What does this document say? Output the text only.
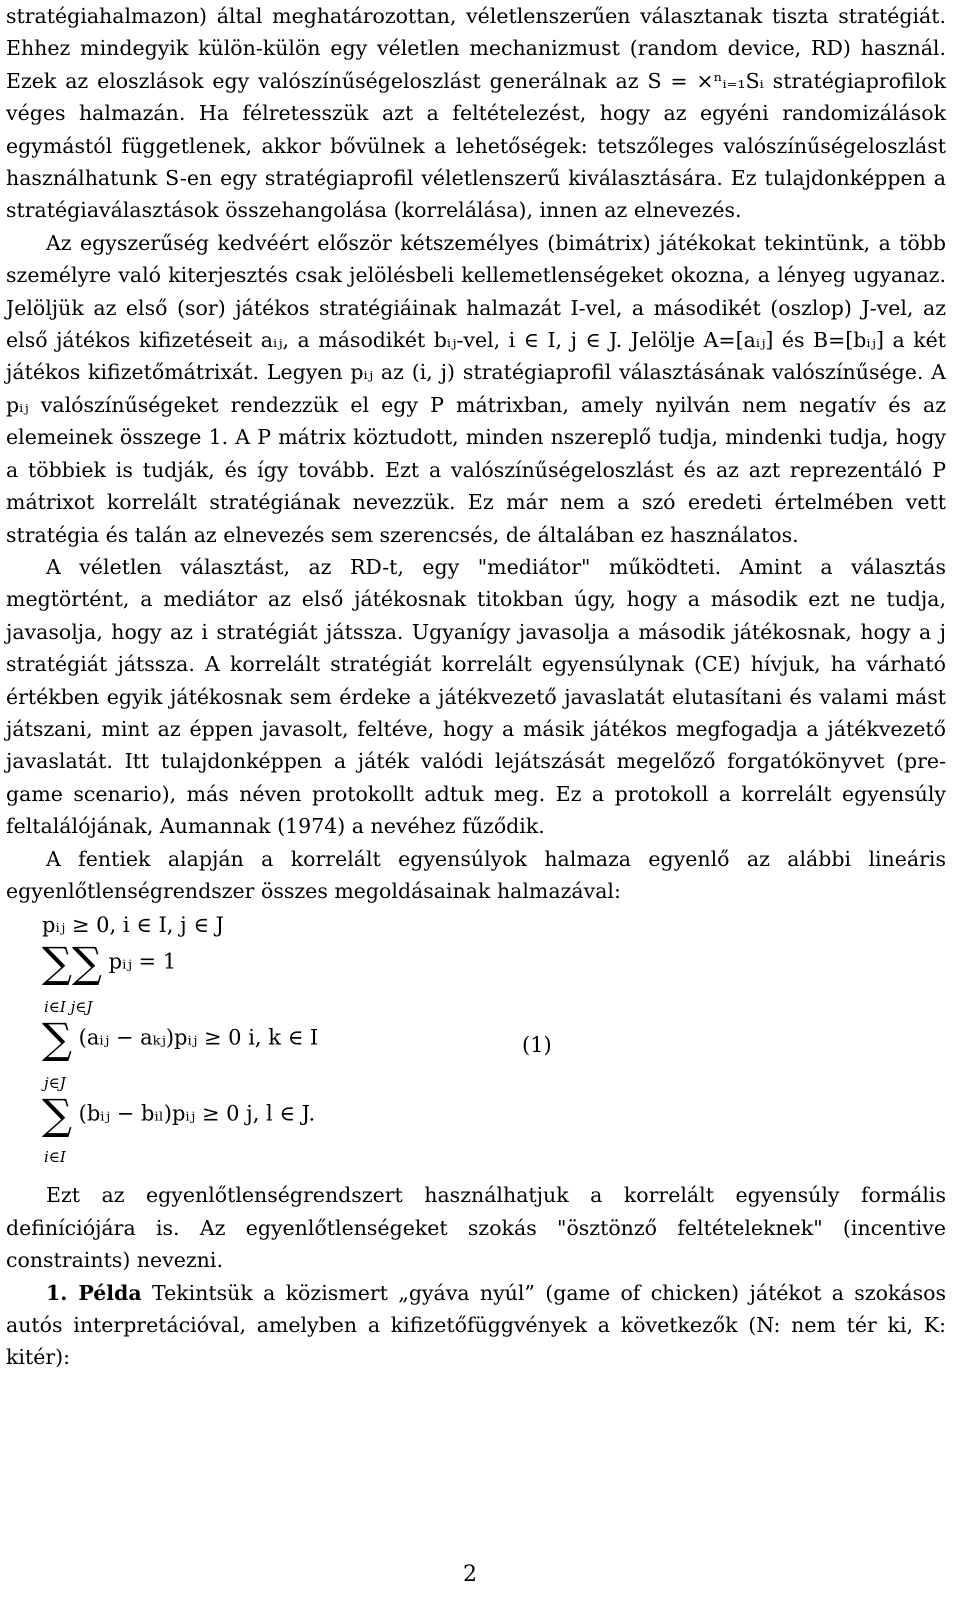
stratégiahalmazon) által meghatározottan, véletlenszerűen választanak tiszta stratégiát. Ehhez mindegyik külön-külön egy véletlen mechanizmust (random device, RD) használ. Ezek az eloszlások egy valószínűségeloszlást generálnak az S = ×ⁿᵢ₌₁Sᵢ stratégiaprofilok véges halmazán. Ha félretesszük azt a feltételezést, hogy az egyéni randomizálások egymástól függetlenek, akkor bővülnek a lehetőségek: tetszőleges valószínűségeloszlást használhatunk S-en egy stratégiaprofil véletlenszerű kiválasztására. Ez tulajdonképpen a stratégiaválasztások összehangolása (korrelálása), innen az elnevezés.

Az egyszerűség kedvéért először kétszemélyes (bimátrix) játékokat tekintünk, a több személyre való kiterjesztés csak jelölésbeli kellemetlenségeket okozna, a lényeg ugyanaz. Jelöljük az első (sor) játékos stratégiáinak halmazát I-vel, a másodikét (oszlop) J-vel, az első játékos kifizetéseit aᵢⱼ, a másodikét bᵢⱼ-vel, i ∈ I, j ∈ J. Jelölje A=[aᵢⱼ] és B=[bᵢⱼ] a két játékos kifizetőmátrixát. Legyen pᵢⱼ az (i, j) stratégiaprofil választásának valószínűsége. A pᵢⱼ valószínűségeket rendezzük el egy P mátrixban, amely nyilván nem negatív és az elemeinek összege 1. A P mátrix köztudott, minden nszereplő tudja, mindenki tudja, hogy a többiek is tudják, és így tovább. Ezt a valószínűségeloszlást és az azt reprezentáló P mátrixot korrelált stratégiának nevezzük. Ez már nem a szó eredeti értelmében vett stratégia és talán az elnevezés sem szerencsés, de általában ez használatos.

A véletlen választást, az RD-t, egy "mediátor" működteti. Amint a választás megtörtént, a mediátor az első játékosnak titokban úgy, hogy a második ezt ne tudja, javasolja, hogy az i stratégiát játssza. Ugyanígy javasolja a második játékosnak, hogy a j stratégiát játssza. A korrelált stratégiát korrelált egyensúlynak (CE) hívjuk, ha várható értékben egyik játékosnak sem érdeke a játékvezető javaslatát elutasítani és valami mást játszani, mint az éppen javasolt, feltéve, hogy a másik játékos megfogadja a játékvezető javaslatát. Itt tulajdonképpen a játék valódi lejátszását megelőző forgatókönyvet (pre-game scenario), más néven protokollt adtuk meg. Ez a protokoll a korrelált egyensúly feltalálójának, Aumannak (1974) a nevéhez fűződik.

A fentiek alapján a korrelált egyensúlyok halmaza egyenlő az alábbi lineáris egyenlőtlenségrendszer összes megoldásainak halmazával:

pᵢⱼ ≥ 0, i ∈ I, j ∈ J
∑∑ pᵢⱼ = 1
i∈I j∈J
∑ (aᵢⱼ − aₖⱼ)pᵢⱼ ≥ 0 i, k ∈ I
j∈J
(1)
∑ (bᵢⱼ − bᵢₗ)pᵢⱼ ≥ 0 j, l ∈ J.
i∈I

Ezt az egyenlőtlenségrendszert használhatjuk a korrelált egyensúly formális definíciójára is. Az egyenlőtlenségeket szokás "ösztönző feltételeknek" (incentive constraints) nevezni.

1. Példa Tekintsük a közismert „gyáva nyúl” (game of chicken) játékot a szokásos autós interpretációval, amelyben a kifizetőfüggvények a következők (N: nem tér ki, K: kitér):

2
